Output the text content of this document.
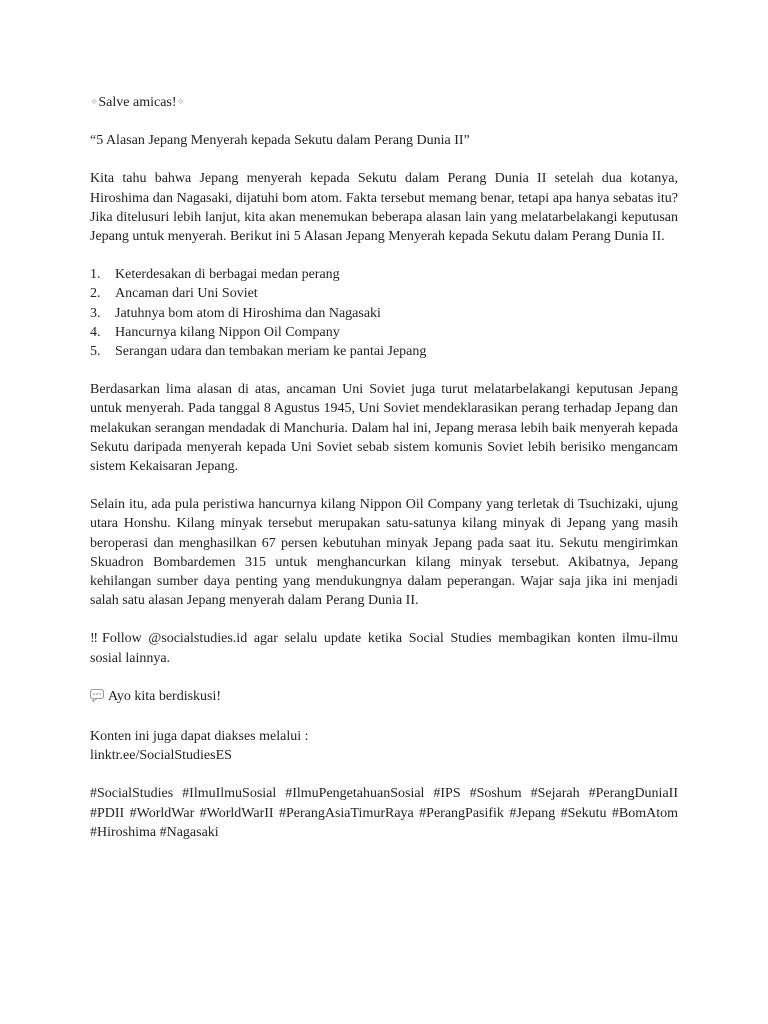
✧Salve amicas!✧

“5 Alasan Jepang Menyerah kepada Sekutu dalam Perang Dunia II”

Kita tahu bahwa Jepang menyerah kepada Sekutu dalam Perang Dunia II setelah dua kotanya, Hiroshima dan Nagasaki, dijatuhi bom atom. Fakta tersebut memang benar, tetapi apa hanya sebatas itu? Jika ditelusuri lebih lanjut, kita akan menemukan beberapa alasan lain yang melatarbelakangi keputusan Jepang untuk menyerah. Berikut ini 5 Alasan Jepang Menyerah kepada Sekutu dalam Perang Dunia II.

1.	Keterdesakan di berbagai medan perang
2.	Ancaman dari Uni Soviet
3.	Jatuhnya bom atom di Hiroshima dan Nagasaki
4.	Hancurnya kilang Nippon Oil Company
5.	Serangan udara dan tembakan meriam ke pantai Jepang

Berdasarkan lima alasan di atas, ancaman Uni Soviet juga turut melatarbelakangi keputusan Jepang untuk menyerah. Pada tanggal 8 Agustus 1945, Uni Soviet mendeklarasikan perang terhadap Jepang dan melakukan serangan mendadak di Manchuria. Dalam hal ini, Jepang merasa lebih baik menyerah kepada Sekutu daripada menyerah kepada Uni Soviet sebab sistem komunis Soviet lebih berisiko mengancam sistem Kekaisaran Jepang.

Selain itu, ada pula peristiwa hancurnya kilang Nippon Oil Company yang terletak di Tsuchizaki, ujung utara Honshu. Kilang minyak tersebut merupakan satu-satunya kilang minyak di Jepang yang masih beroperasi dan menghasilkan 67 persen kebutuhan minyak Jepang pada saat itu. Sekutu mengirimkan Skuadron Bombardemen 315 untuk menghancurkan kilang minyak tersebut. Akibatnya, Jepang kehilangan sumber daya penting yang mendukungnya dalam peperangan. Wajar saja jika ini menjadi salah satu alasan Jepang menyerah dalam Perang Dunia II.

‼ Follow @socialstudies.id agar selalu update ketika Social Studies membagikan konten ilmu-ilmu sosial lainnya.

Ayo kita berdiskusi!

Konten ini juga dapat diakses melalui :

linktr.ee/SocialStudiesES

#SocialStudies #IlmuIlmuSosial #IlmuPengetahuanSosial #IPS #Soshum #Sejarah #PerangDuniaII #PDII #WorldWar #WorldWarII #PerangAsiaTimurRaya #PerangPasifik #Jepang #Sekutu #BomAtom #Hiroshima #Nagasaki
